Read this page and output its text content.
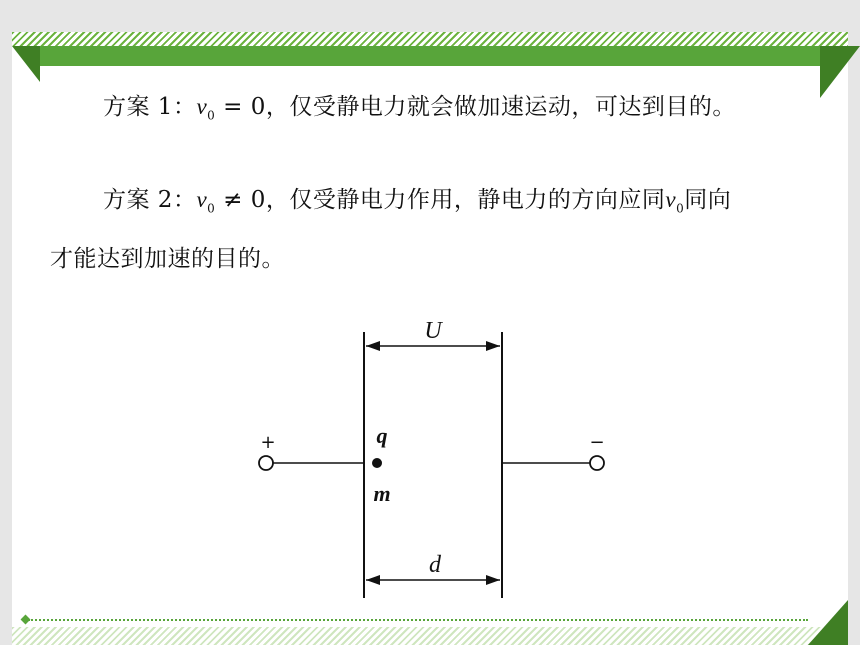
方案 1：$v_0 = 0$，仅受静电力就会做加速运动，可达到目的。
方案 2：$v_0 \ne 0$，仅受静电力作用，静电力的方向应同$v_0$同向
才能达到加速的目的。
U
d
+	−
q
m
